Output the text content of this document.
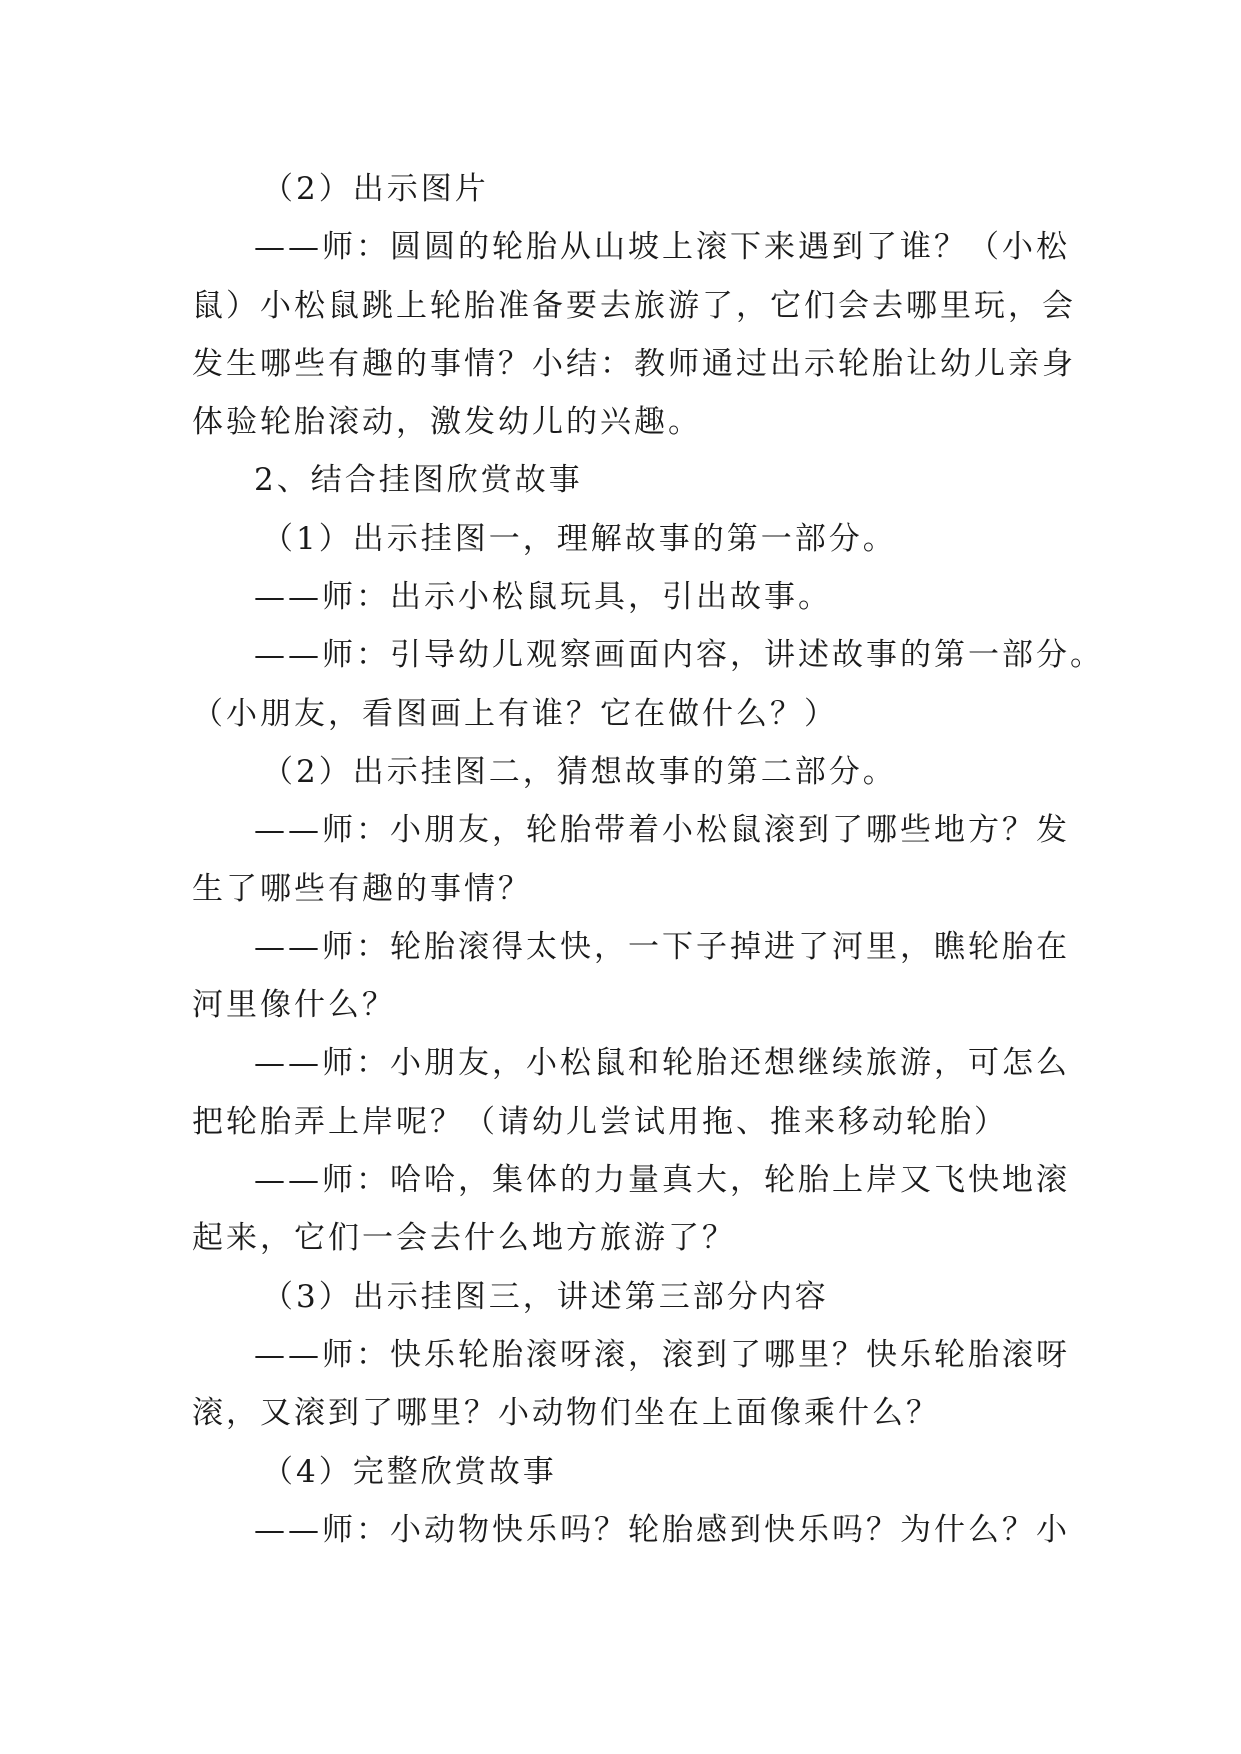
（2）出示图片
——师：圆圆的轮胎从山坡上滚下来遇到了谁？（小松
鼠）小松鼠跳上轮胎准备要去旅游了，它们会去哪里玩，会
发生哪些有趣的事情？小结：教师通过出示轮胎让幼儿亲身
体验轮胎滚动，激发幼儿的兴趣。
2、结合挂图欣赏故事
（1）出示挂图一，理解故事的第一部分。
——师：出示小松鼠玩具，引出故事。
——师：引导幼儿观察画面内容，讲述故事的第一部分。
（小朋友，看图画上有谁？它在做什么？）
（2）出示挂图二，猜想故事的第二部分。
——师：小朋友，轮胎带着小松鼠滚到了哪些地方？发
生了哪些有趣的事情？
——师：轮胎滚得太快，一下子掉进了河里，瞧轮胎在
河里像什么？
——师：小朋友，小松鼠和轮胎还想继续旅游，可怎么
把轮胎弄上岸呢？（请幼儿尝试用拖、推来移动轮胎）
——师：哈哈，集体的力量真大，轮胎上岸又飞快地滚
起来，它们一会去什么地方旅游了？
（3）出示挂图三，讲述第三部分内容
——师：快乐轮胎滚呀滚，滚到了哪里？快乐轮胎滚呀
滚，又滚到了哪里？小动物们坐在上面像乘什么？
（4）完整欣赏故事
——师：小动物快乐吗？轮胎感到快乐吗？为什么？小
